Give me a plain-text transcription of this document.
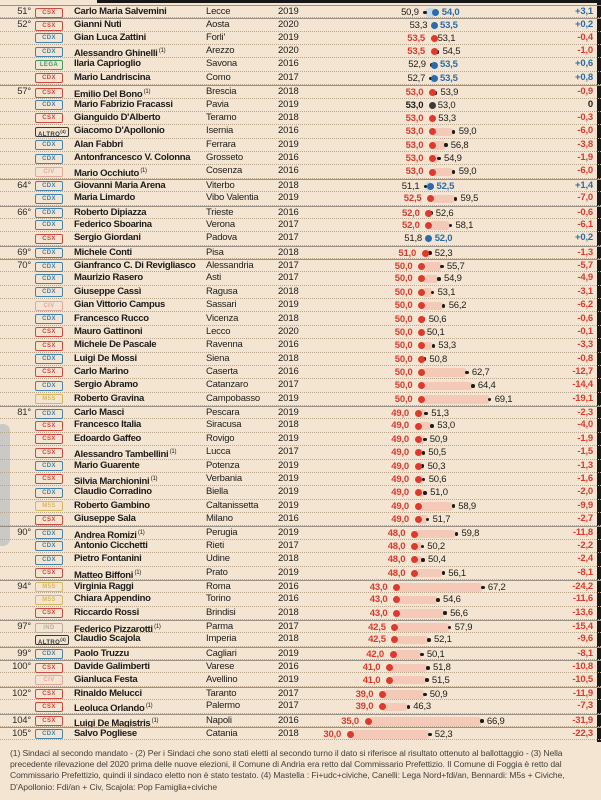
51°	CSX	Carlo Maria Salvemini	Lecce	2019	50,9 54,0	+3,1
52°	CSX	Gianni Nuti	Aosta	2020	53,3 53,5	+0,2
CDX	Gian Luca Zattini	Forli'	2019	53,5 53,1	-0,4
CDX	Alessandro Ghinelli $^{(1)}$	Arezzo	2020	53,5 54,5	-1,0
LEGA	Ilaria Caprioglio	Savona	2016	52,9 53,5	+0,6
CDX	Mario Landriscina	Como	2017	52,7 53,5	+0,8
57°	CSX	Emilio Del Bono $^{(1)}$	Brescia	2018	53,0 53,9	-0,9
CDX	Mario Fabrizio Fracassi	Pavia	2019	53,0 53,0	0
CSX	Gianguido D'Alberto	Teramo	2018	53,0 53,3	-0,3
ALTRO$^{(4)}$ Giacomo D'Apollonio	Isernia	2016	53,0	59,0	-6,0
CDX	Alan Fabbri	Ferrara	2019	53,0	56,8	-3,8
CDX	Antonfrancesco V. Colonna	Grosseto	2016	53,0 54,9	-1,9
CIV	Mario Occhiuto $^{(1)}$	Cosenza	2016	53,0	59,0	-6,0
64°	CDX	Giovanni Maria Arena	Viterbo	2018	51,1 52,5	+1,4
CDX	Maria Limardo	Vibo Valentia	2019	52,5	59,5	-7,0
66°	CDX	Roberto Dipiazza	Trieste	2016	52,0 52,6	-0,6
CDX	Federico Sboarina	Verona	2017	52,0	58,1	-6,1
CSX	Sergio Giordani	Padova	2017	51,8 52,0	+0,2
69°	CDX	Michele Conti	Pisa	2018	51,0 52,3	-1,3
70°	CDX	Gianfranco C. Di Revigliasco	Alessandria	2017	50,0	55,7	-5,7
CDX	Maurizio Rasero	Asti	2017	50,0	54,9	-4,9
CDX	Giuseppe Cassì	Ragusa	2018	50,0	53,1	-3,1
CIV	Gian Vittorio Campus	Sassari	2019	50,0	56,2	-6,2
CDX	Francesco Rucco	Vicenza	2018	50,0 50,6	-0,6
CSX	Mauro Gattinoni	Lecco	2020	50,0 50,1	-0,1
CSX	Michele De Pascale	Ravenna	2016	50,0	53,3	-3,3
CDX	Luigi De Mossi	Siena	2018	50,0 50,8	-0,8
CSX	Carlo Marino	Caserta	2016	50,0	62,7	-12,7
CDX	Sergio Abramo	Catanzaro	2017	50,0	64,4	-14,4
M5S	Roberto Gravina	Campobasso	2019	50,0	69,1	-19,1
81°	CDX	Carlo Masci	Pescara	2019	49,0 51,3	-2,3
CSX	Francesco Italia	Siracusa	2018	49,0	53,0	-4,0
CSX	Edoardo Gaffeo	Rovigo	2019	49,0 50,9	-1,9
CSX	Alessandro Tambellini $^{(1)}$	Lucca	2017	49,0 50,5	-1,5
CDX	Mario Guarente	Potenza	2019	49,0 50,3	-1,3
CSX	Silvia Marchionini $^{(1)}$	Verbania	2019	49,0 50,6	-1,6
CDX	Claudio Corradino	Biella	2019	49,0 51,0	-2,0
M5S	Roberto Gambino	Caltanissetta	2019	49,0	58,9	-9,9
CSX	Giuseppe Sala	Milano	2016	49,0 51,7	-2,7
90°	CDX	Andrea Romizi $^{(1)}$	Perugia	2019	48,0	59,8	-11,8
CDX	Antonio Cicchetti	Rieti	2017	48,0 50,2	-2,2
CDX	Pietro Fontanini	Udine	2018	48,0 50,4	-2,4
CSX	Matteo Biffoni $^{(1)}$	Prato	2019	48,0	56,1	-8,1
94°	M5S	Virginia Raggi	Roma	2016	43,0	67,2	-24,2
M5S	Chiara Appendino	Torino	2016	43,0	54,6	-11,6
CSX	Riccardo Rossi	Brindisi	2018	43,0	56,6	-13,6
97°	IND	Federico Pizzarotti $^{(1)}$	Parma	2017	42,5	57,9	-15,4
ALTRO$^{(4)}$ Claudio Scajola	Imperia	2018	42,5	52,1	-9,6
99°	CDX	Paolo Truzzu	Cagliari	2019	42,0	50,1	-8,1
100°	CSX	Davide Galimberti	Varese	2016	41,0	51,8	-10,8
CIV	Gianluca Festa	Avellino	2019	41,0	51,5	-10,5
102°	CSX	Rinaldo Melucci	Taranto	2017	39,0	50,9	-11,9
CSX	Leoluca Orlando $^{(1)}$	Palermo	2017	39,0	46,3	-7,3
104°	CSX	Luigi De Magistris $^{(1)}$	Napoli	2016	35,0	66,9	-31,9
105°	CDX	Salvo Pogliese	Catania	2018	30,0	52,3	-22,3
(1) Sindaci al secondo mandato - (2) Per i Sindaci che sono stati eletti al secondo turno il dato si riferisce al risultato ottenuto al ballottaggio - (3) Nella precedente rilevazione del 2020 prima delle nuove elezioni, il Comune di Andria era retto dal Commissario Prefettizio. Il Comune di Foggia è retto dal Commissario Prefettizio, quindi il sindaco eletto non è stato testato. (4) Mastella : Fi+udc+civiche, Canelli: Lega Nord+fdi/an, Bennardi: M5s + Civiche, D'Apollonio: Fdi/an + Civ, Scajola: Pop Famiglia+civiche
